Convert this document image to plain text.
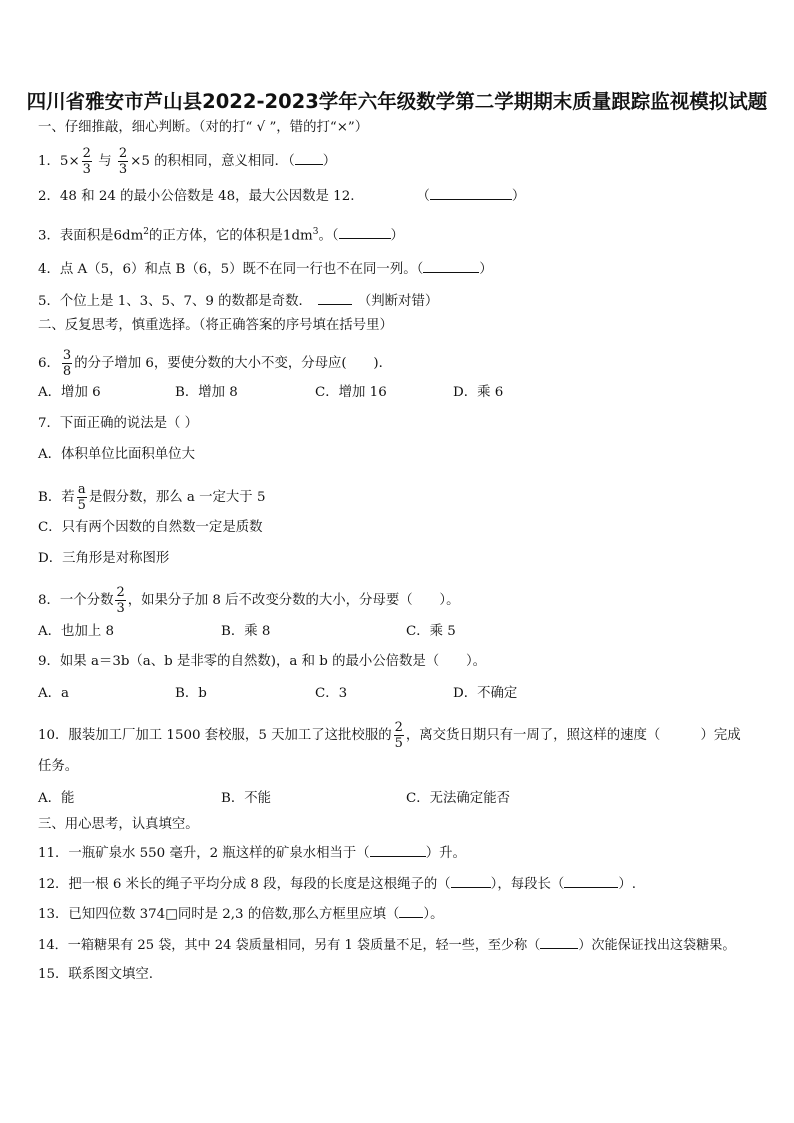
四川省雅安市芦山县2022-2023学年六年级数学第二学期期末质量跟踪监视模拟试题
一、仔细推敲，细心判断。（对的打“ √ ”，错的打“×”）
1．$5\times \frac{2}{3}$ 与 $\frac{2}{3} \times 5$ 的积相同，意义相同．（ ）
2．48 和 24 的最小公倍数是 48，最大公因数是 12.	（	）
3．表面积是$6dm^2$的正方体，它的体积是$1dm^3$。（	）
4．点 A（5，6）和点 B（6，5）既不在同一行也不在同一列。（	）
5．个位上是 1、3、5、7、9 的数都是奇数．	（判断对错）
二、反复思考，慎重选择。（将正确答案的序号填在括号里）
6． $\frac{3}{8}$ 的分子增加 6，要使分数的大小不变，分母应(　　)．
A．增加 6	B．增加 8	C．增加 16	D．乘 6
7．下面正确的说法是（ ）
A．体积单位比面积单位大
B．若 $\frac{a}{5}$ 是假分数，那么 a 一定大于 5
C．只有两个因数的自然数一定是质数
D．三角形是对称图形
8．一个分数 $\frac{2}{3}$ ，如果分子加 8 后不改变分数的大小，分母要（　　）。
A．也加上 8	B．乘 8	C．乘 5
9．如果 a＝3b（a、b 是非零的自然数)，a 和 b 的最小公倍数是（　　）。
A．a	B．b	C．3	D．不确定
10．服装加工厂加工 1500 套校服，5 天加工了这批校服的 $\frac{2}{5}$ ，离交货日期只有一周了，照这样的速度（　　　）完成
任务。
A．能	B．不能	C．无法确定能否
三、用心思考，认真填空。
11．一瓶矿泉水 550 毫升，2 瓶这样的矿泉水相当于（	）升。
12．把一根 6 米长的绳子平均分成 8 段，每段的长度是这根绳子的（	），每段长（	）.
13．已知四位数 374□同时是 2,3 的倍数,那么方框里应填（ ）。
14．一箱糖果有 25 袋，其中 24 袋质量相同，另有 1 袋质量不足，轻一些，至少称（	）次能保证找出这袋糖果。
15．联系图文填空.
